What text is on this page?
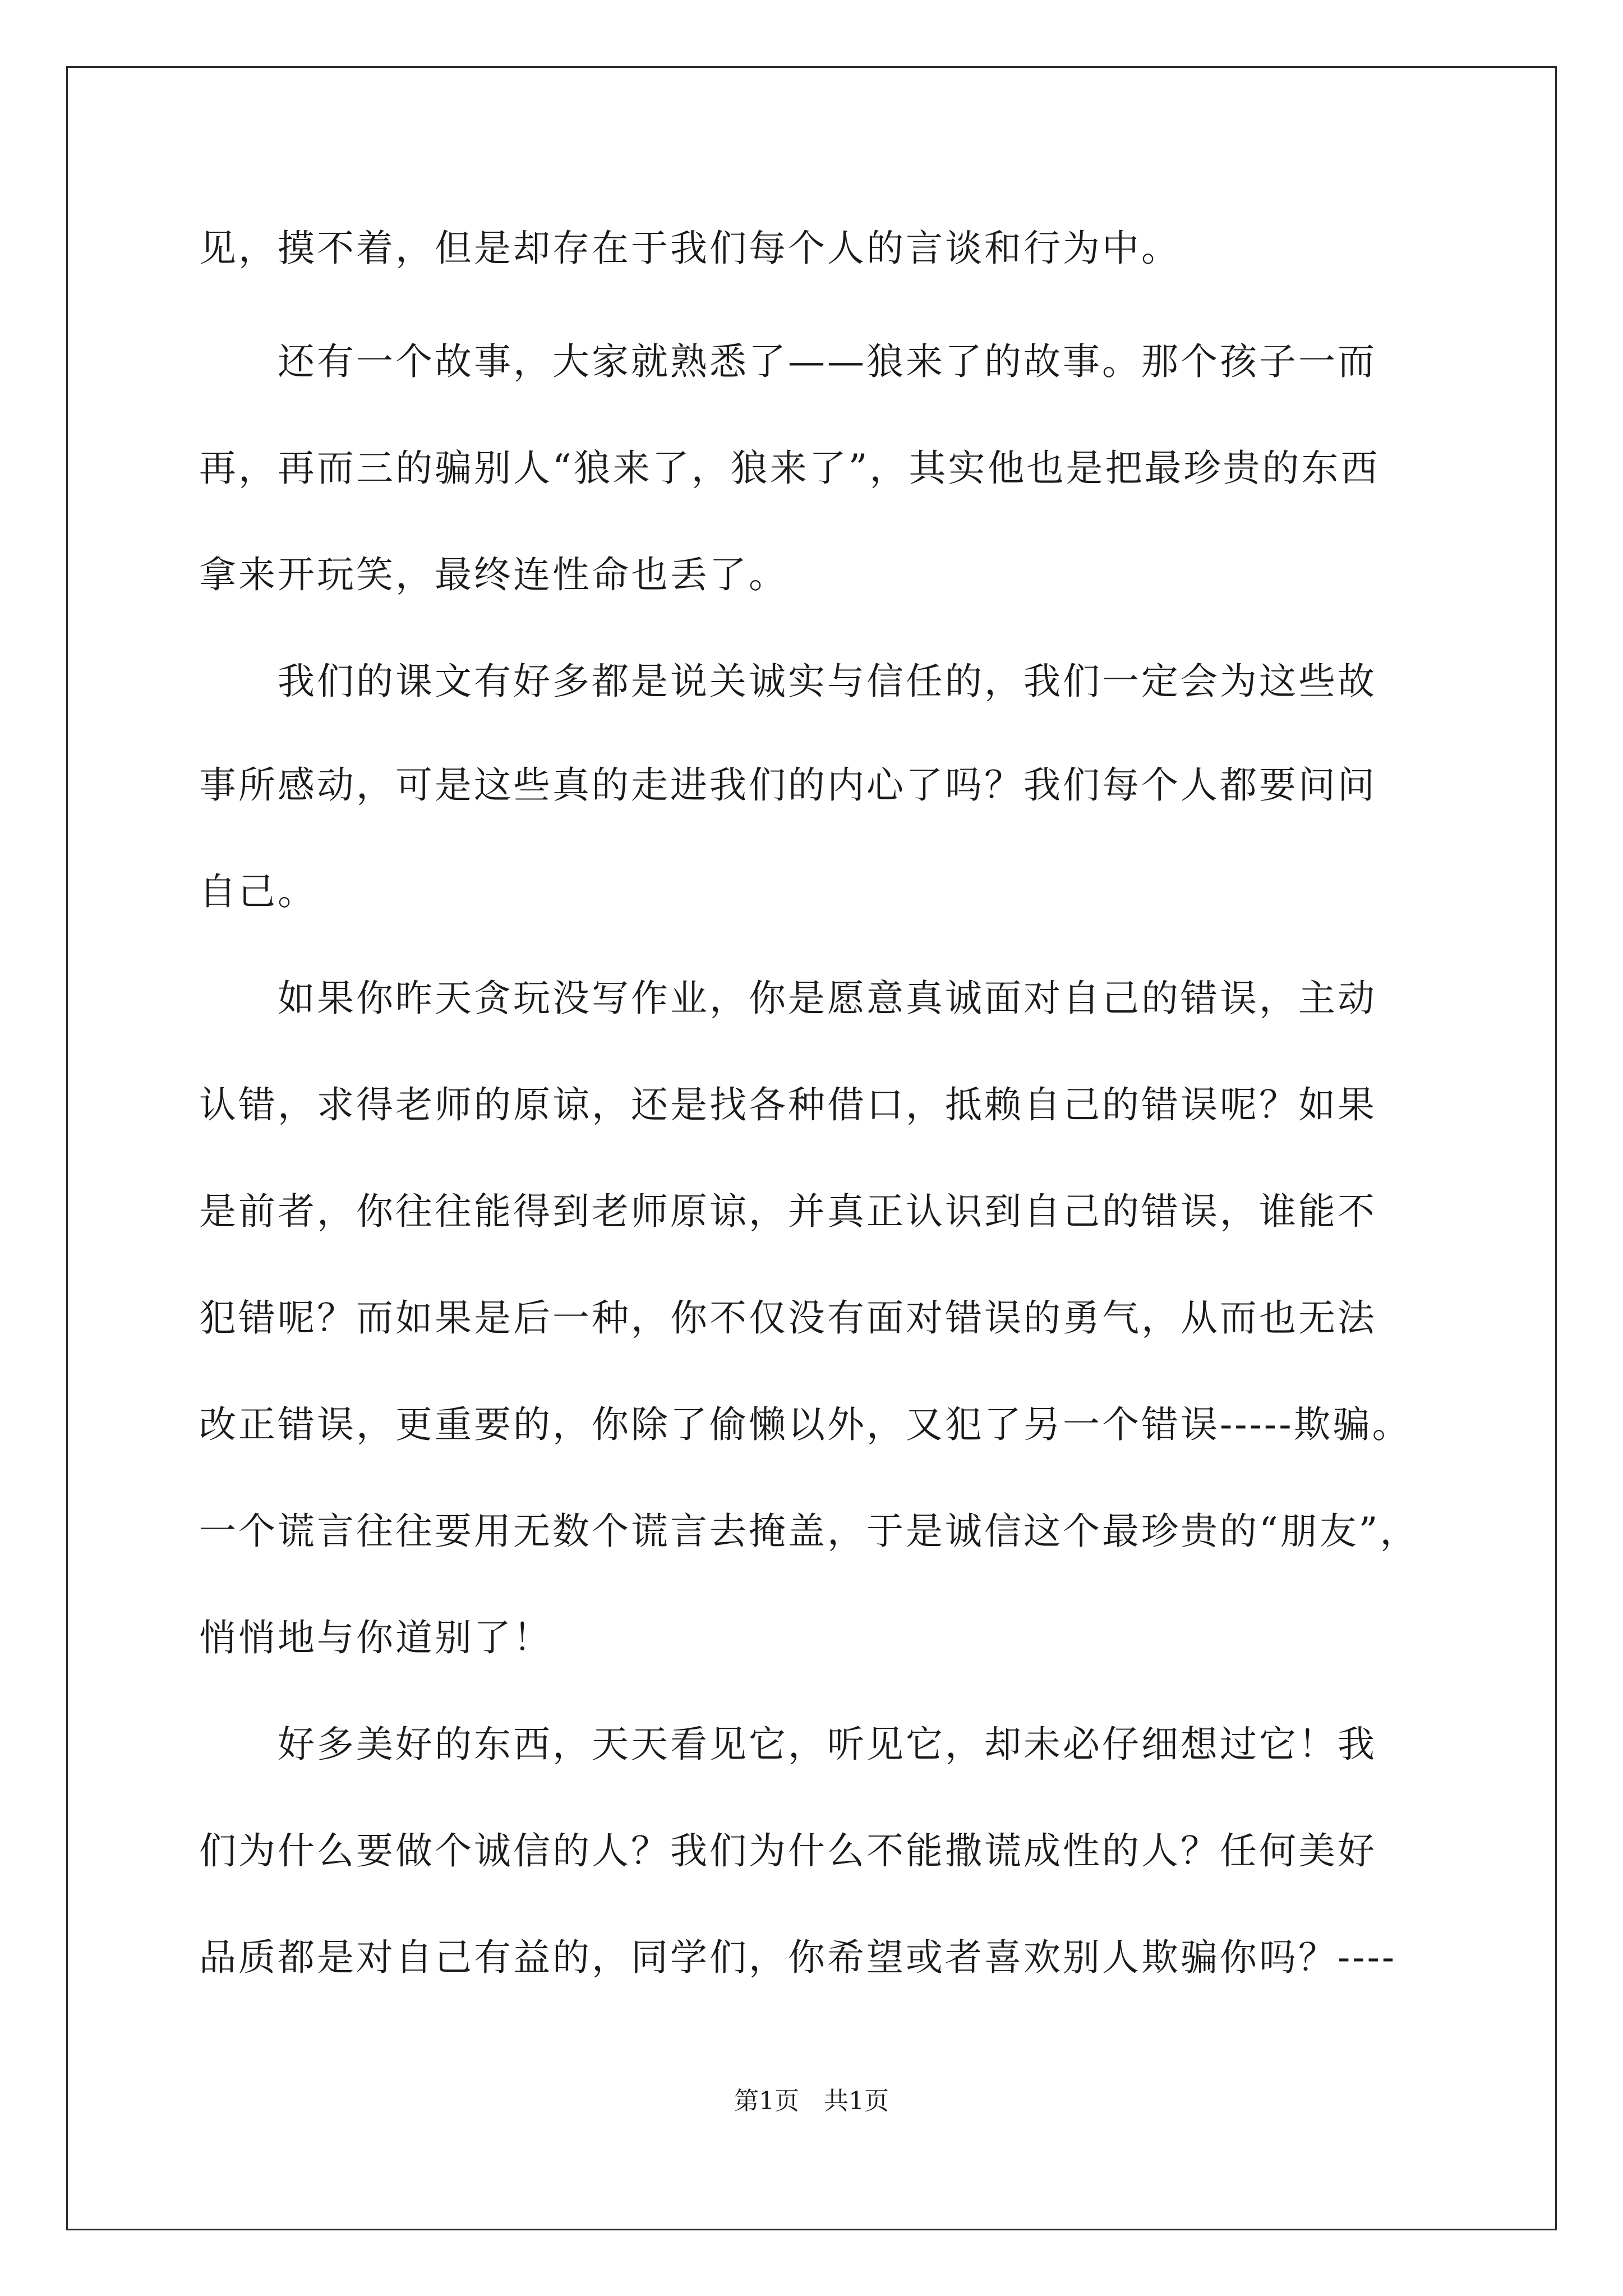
见，摸不着，但是却存在于我们每个人的言谈和行为中。
　　还有一个故事，大家就熟悉了——狼来了的故事。那个孩子一而
再，再而三的骗别人“狼来了，狼来了”，其实他也是把最珍贵的东西
拿来开玩笑，最终连性命也丢了。
　　我们的课文有好多都是说关诚实与信任的，我们一定会为这些故
事所感动，可是这些真的走进我们的内心了吗？我们每个人都要问问
自己。
　　如果你昨天贪玩没写作业，你是愿意真诚面对自己的错误，主动
认错，求得老师的原谅，还是找各种借口，抵赖自己的错误呢？如果
是前者，你往往能得到老师原谅，并真正认识到自己的错误，谁能不
犯错呢？而如果是后一种，你不仅没有面对错误的勇气，从而也无法
改正错误，更重要的，你除了偷懒以外，又犯了另一个错误-----欺骗。
一个谎言往往要用无数个谎言去掩盖，于是诚信这个最珍贵的“朋友”，
悄悄地与你道别了！
　　好多美好的东西，天天看见它，听见它，却未必仔细想过它！我
们为什么要做个诚信的人？我们为什么不能撒谎成性的人？任何美好
品质都是对自己有益的，同学们，你希望或者喜欢别人欺骗你吗？----
第1页　共1页
